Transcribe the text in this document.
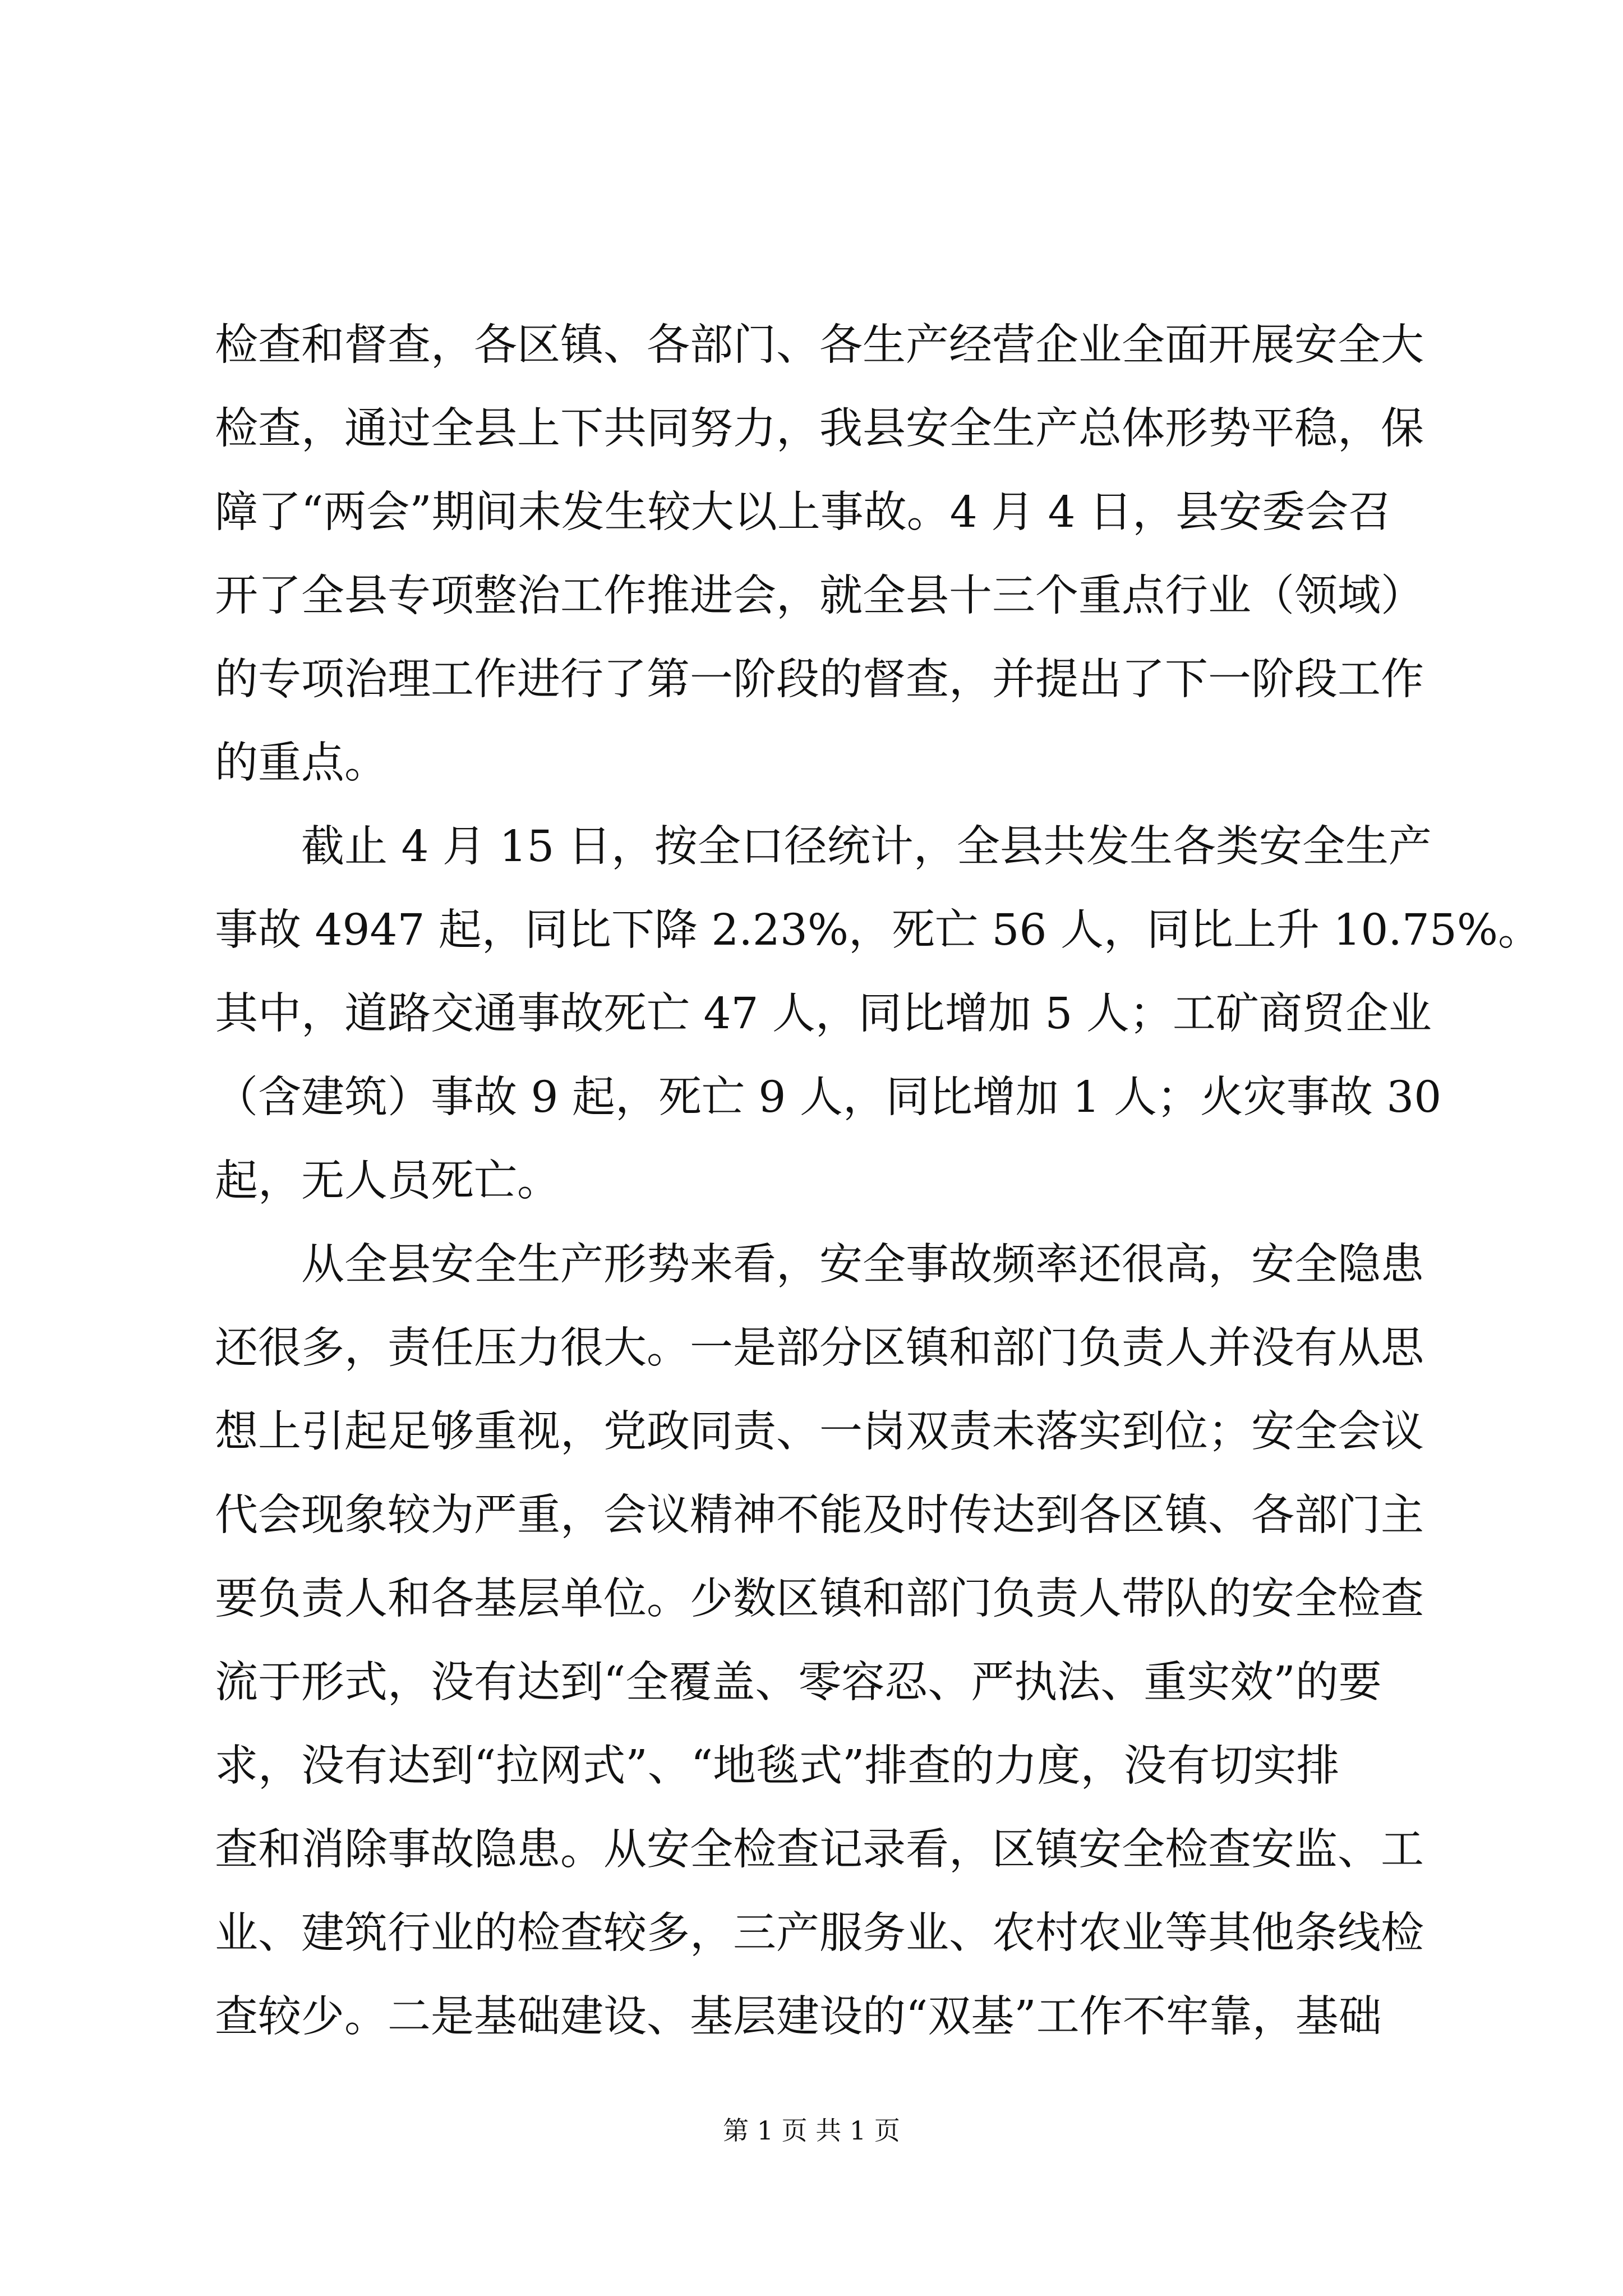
检查和督查，各区镇、各部门、各生产经营企业全面开展安全大
检查，通过全县上下共同努力，我县安全生产总体形势平稳，保
障了“两会”期间未发生较大以上事故。4 月 4 日，县安委会召
开了全县专项整治工作推进会，就全县十三个重点行业（领域）
的专项治理工作进行了第一阶段的督查，并提出了下一阶段工作
的重点。
　　截止 4 月 15 日，按全口径统计，全县共发生各类安全生产
事故 4947 起，同比下降 2.23%，死亡 56 人，同比上升 10.75%。
其中，道路交通事故死亡 47 人，同比增加 5 人；工矿商贸企业
（含建筑）事故 9 起，死亡 9 人，同比增加 1 人；火灾事故 30
起，无人员死亡。
　　从全县安全生产形势来看，安全事故频率还很高，安全隐患
还很多，责任压力很大。一是部分区镇和部门负责人并没有从思
想上引起足够重视，党政同责、一岗双责未落实到位；安全会议
代会现象较为严重，会议精神不能及时传达到各区镇、各部门主
要负责人和各基层单位。少数区镇和部门负责人带队的安全检查
流于形式，没有达到“全覆盖、零容忍、严执法、重实效”的要
求，没有达到“拉网式”、“地毯式”排查的力度，没有切实排
查和消除事故隐患。从安全检查记录看，区镇安全检查安监、工
业、建筑行业的检查较多，三产服务业、农村农业等其他条线检
查较少。二是基础建设、基层建设的“双基”工作不牢靠，基础
第 1 页 共 1 页
